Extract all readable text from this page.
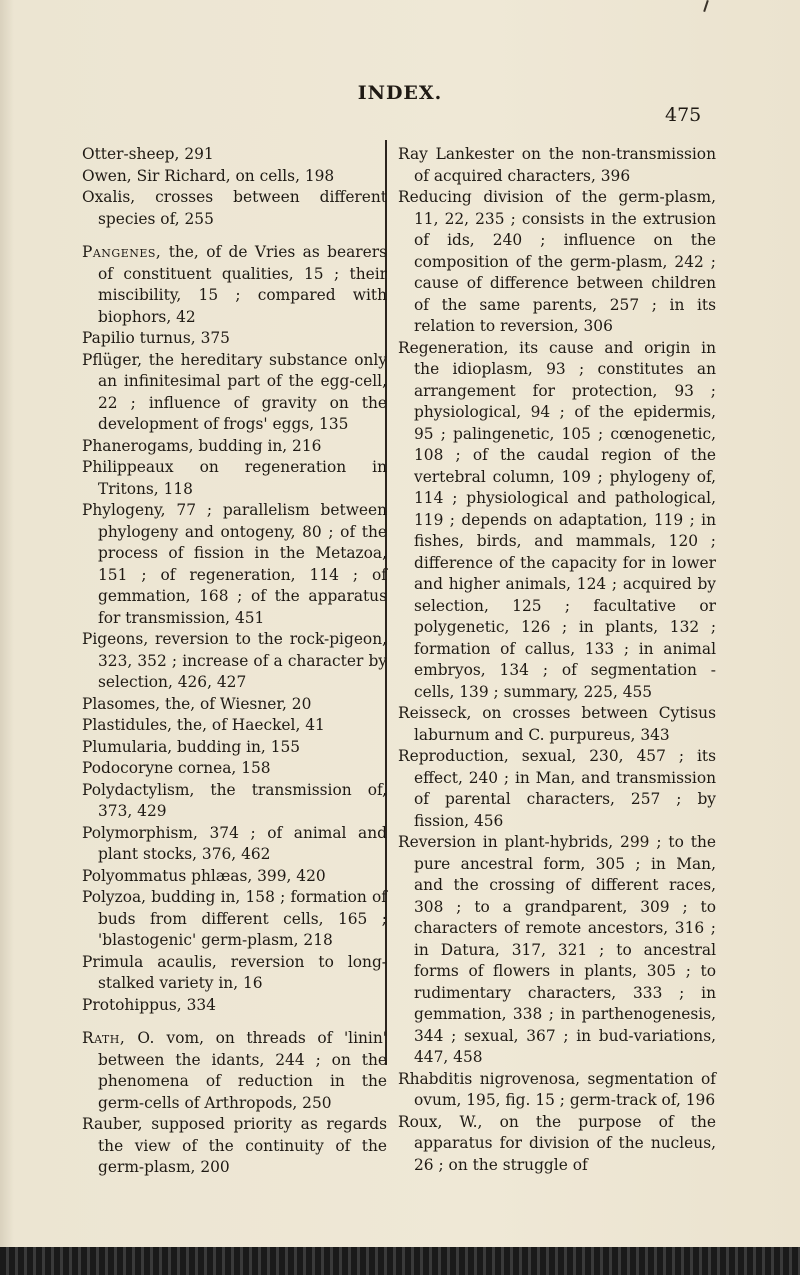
INDEX.
475

Otter-sheep, 291

Owen, Sir Richard, on cells, 198

Oxalis, crosses between different species of, 255

Pangenes, the, of de Vries as bearers of constituent qualities, 15 ; their miscibility, 15 ; compared with biophors, 42

Papilio turnus, 375

Pflüger, the hereditary substance only an infinitesimal part of the egg-cell, 22 ; influence of gravity on the development of frogs' eggs, 135

Phanerogams, budding in, 216

Philippeaux on regeneration in Tritons, 118

Phylogeny, 77 ; parallelism between phylogeny and ontogeny, 80 ; of the process of fission in the Metazoa, 151 ; of regeneration, 114 ; of gemmation, 168 ; of the apparatus for transmission, 451

Pigeons, reversion to the rock-pigeon, 323, 352 ; increase of a character by selection, 426, 427

Plasomes, the, of Wiesner, 20

Plastidules, the, of Haeckel, 41

Plumularia, budding in, 155

Podocoryne cornea, 158

Polydactylism, the transmission of, 373, 429

Polymorphism, 374 ; of animal and plant stocks, 376, 462

Polyommatus phlæas, 399, 420

Polyzoa, budding in, 158 ; formation of buds from different cells, 165 ; 'blastogenic' germ-plasm, 218

Primula acaulis, reversion to long-stalked variety in, 16

Protohippus, 334

Rath, O. vom, on threads of 'linin' between the idants, 244 ; on the phenomena of reduction in the germ-cells of Arthropods, 250

Rauber, supposed priority as regards the view of the continuity of the germ-plasm, 200

Ray Lankester on the non-transmission of acquired characters, 396

Reducing division of the germ-plasm, 11, 22, 235 ; consists in the extrusion of ids, 240 ; influence on the composition of the germ-plasm, 242 ; cause of difference between children of the same parents, 257 ; in its relation to reversion, 306

Regeneration, its cause and origin in the idioplasm, 93 ; constitutes an arrangement for protection, 93 ; physiological, 94 ; of the epidermis, 95 ; palingenetic, 105 ; cœnogenetic, 108 ; of the caudal region of the vertebral column, 109 ; phylogeny of, 114 ; physiological and pathological, 119 ; depends on adaptation, 119 ; in fishes, birds, and mammals, 120 ; difference of the capacity for in lower and higher animals, 124 ; acquired by selection, 125 ; facultative or polygenetic, 126 ; in plants, 132 ; formation of callus, 133 ; in animal embryos, 134 ; of segmentation - cells, 139 ; summary, 225, 455

Reisseck, on crosses between Cytisus laburnum and C. purpureus, 343

Reproduction, sexual, 230, 457 ; its effect, 240 ; in Man, and transmission of parental characters, 257 ; by fission, 456

Reversion in plant-hybrids, 299 ; to the pure ancestral form, 305 ; in Man, and the crossing of different races, 308 ; to a grandparent, 309 ; to characters of remote ancestors, 316 ; in Datura, 317, 321 ; to ancestral forms of flowers in plants, 305 ; to rudimentary characters, 333 ; in gemmation, 338 ; in parthenogenesis, 344 ; sexual, 367 ; in bud-variations, 447, 458

Rhabditis nigrovenosa, segmentation of ovum, 195, fig. 15 ; germ-track of, 196

Roux, W., on the purpose of the apparatus for division of the nucleus, 26 ; on the struggle of
